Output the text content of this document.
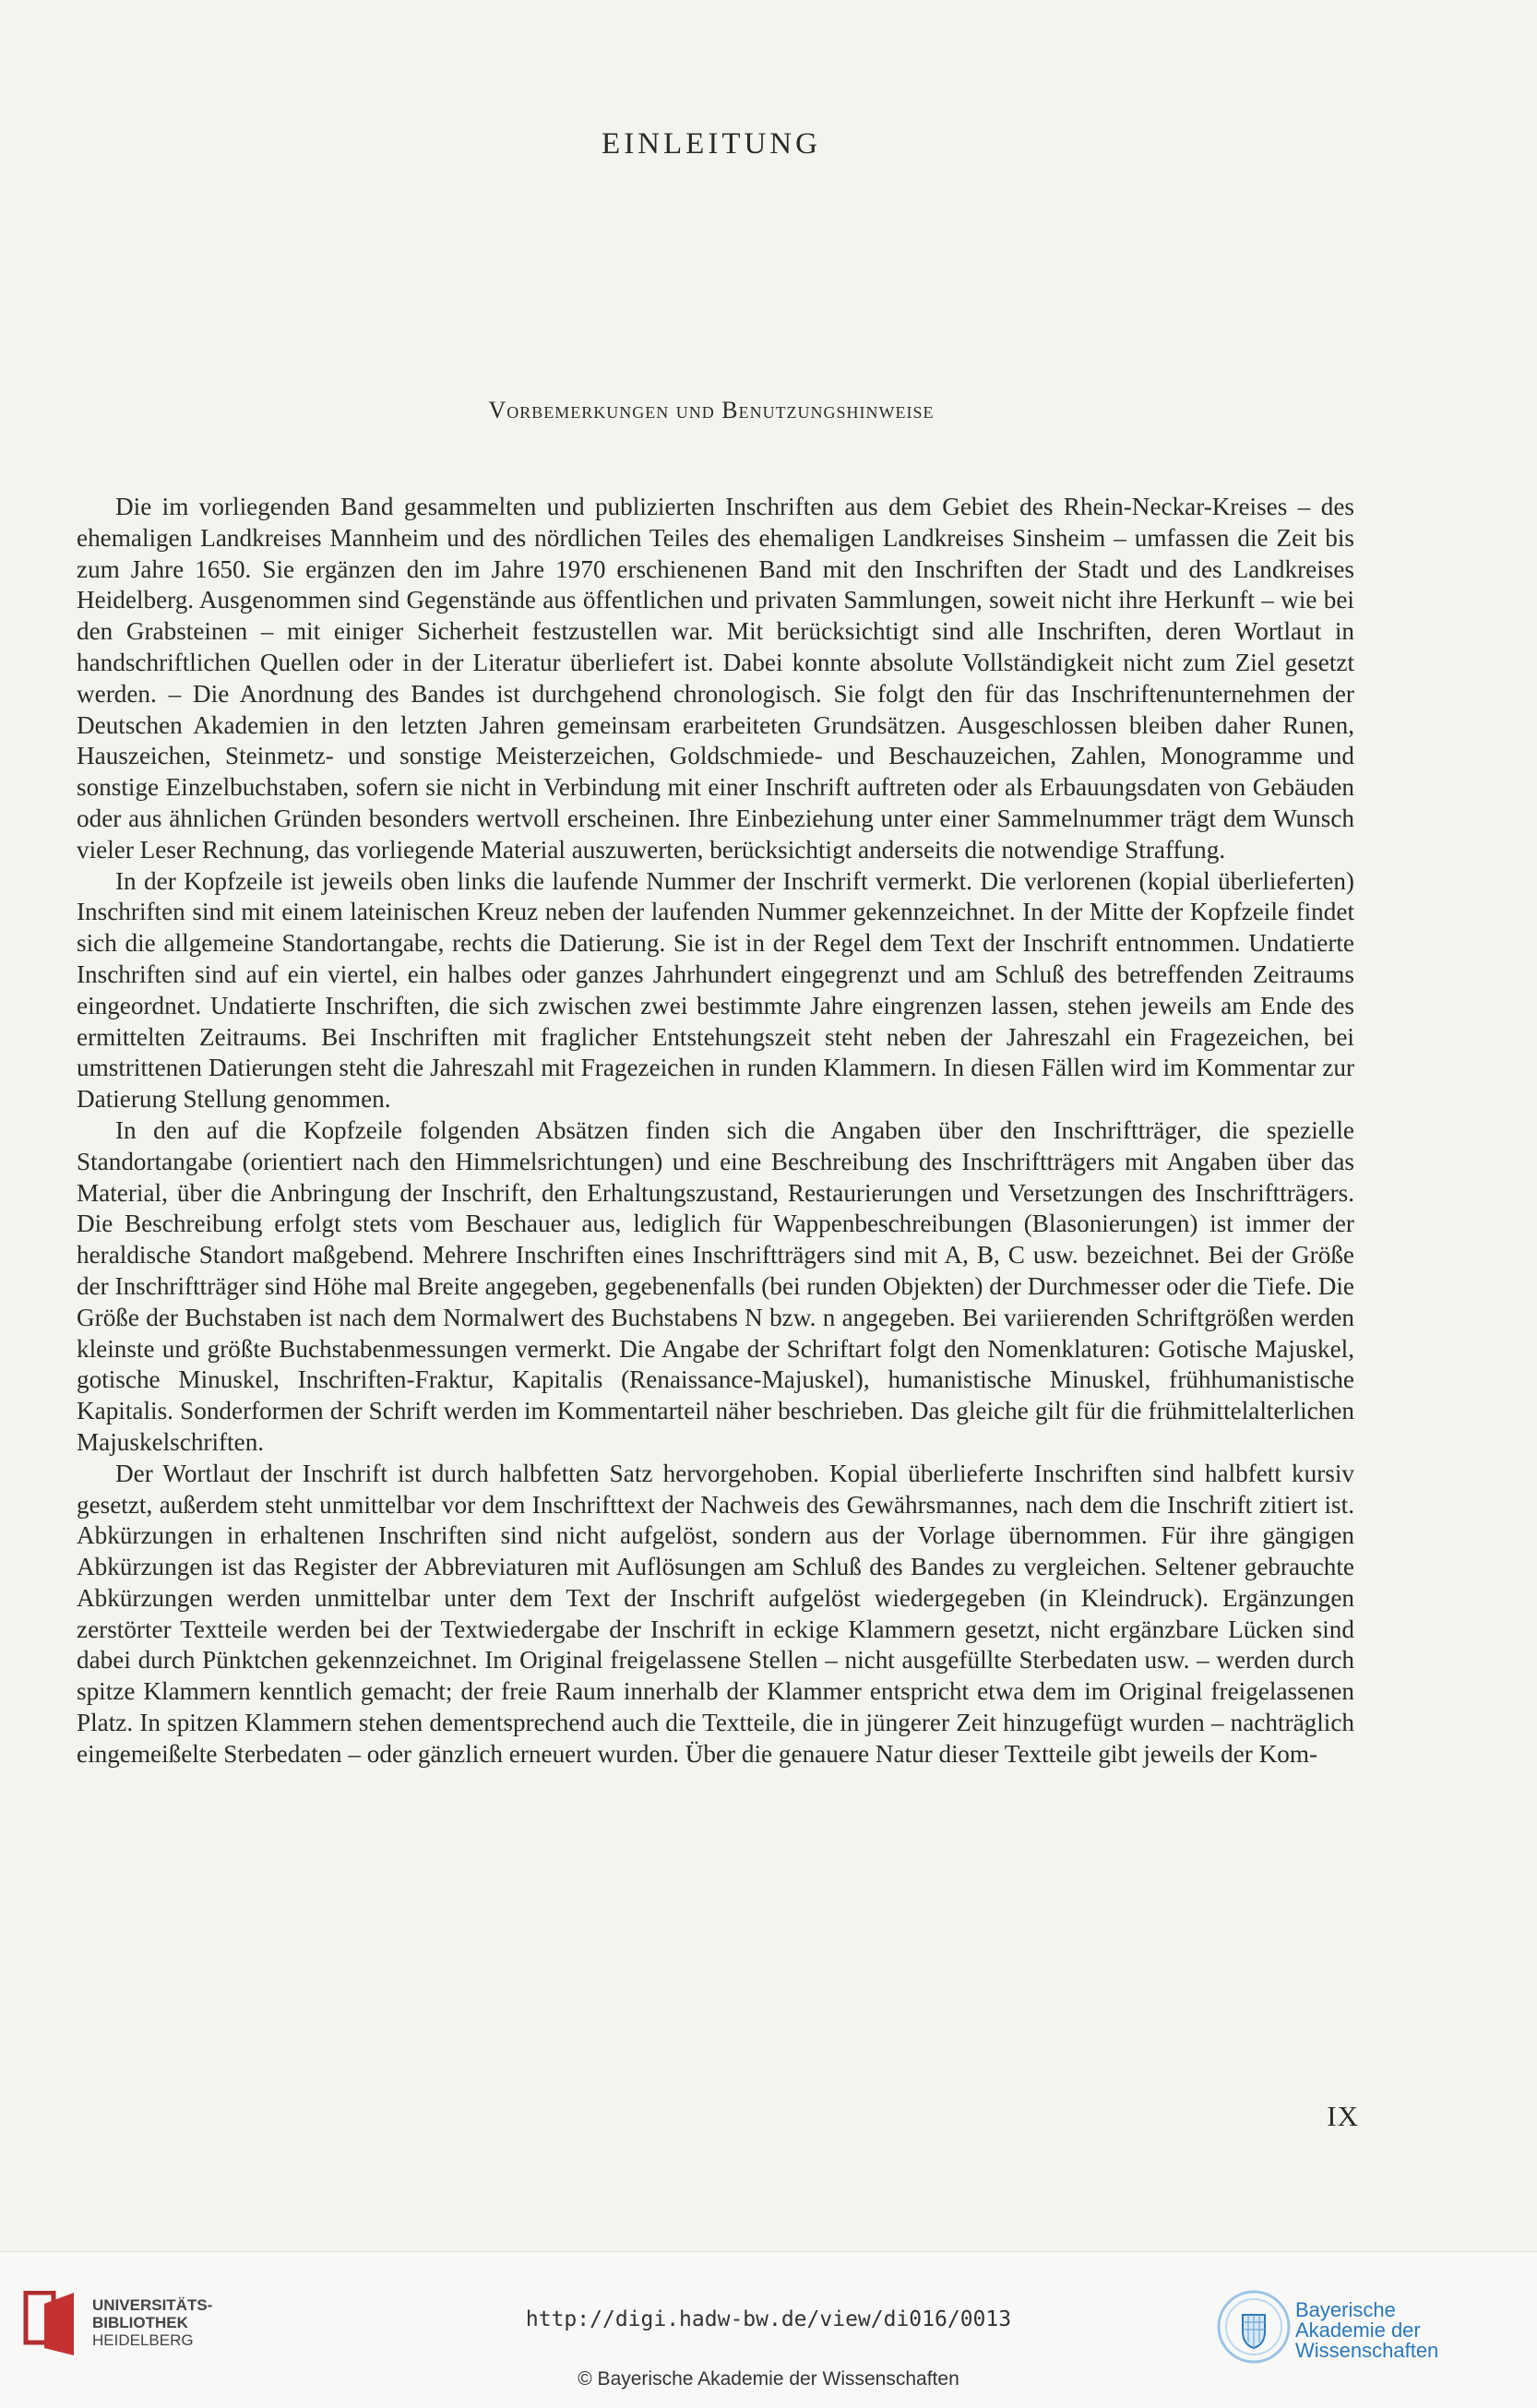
EINLEITUNG
Vorbemerkungen und Benutzungshinweise

Die im vorliegenden Band gesammelten und publizierten Inschriften aus dem Gebiet des Rhein-Neckar-Kreises – des ehemaligen Landkreises Mannheim und des nördlichen Teiles des ehemaligen Landkreises Sinsheim – umfassen die Zeit bis zum Jahre 1650. Sie ergänzen den im Jahre 1970 erschienenen Band mit den Inschriften der Stadt und des Landkreises Heidelberg. Ausgenommen sind Gegenstände aus öffentlichen und privaten Sammlungen, soweit nicht ihre Herkunft – wie bei den Grabsteinen – mit einiger Sicherheit festzustellen war. Mit berücksichtigt sind alle Inschriften, deren Wortlaut in handschriftlichen Quellen oder in der Literatur überliefert ist. Dabei konnte absolute Vollständigkeit nicht zum Ziel gesetzt werden. – Die Anordnung des Bandes ist durchgehend chronologisch. Sie folgt den für das Inschriftenunternehmen der Deutschen Akademien in den letzten Jahren gemeinsam erarbeiteten Grundsätzen. Ausgeschlossen bleiben daher Runen, Hauszeichen, Steinmetz- und sonstige Meisterzeichen, Goldschmiede- und Beschauzeichen, Zahlen, Monogramme und sonstige Einzelbuchstaben, sofern sie nicht in Verbindung mit einer Inschrift auftreten oder als Erbauungsdaten von Gebäuden oder aus ähnlichen Gründen besonders wertvoll erscheinen. Ihre Einbeziehung unter einer Sammelnummer trägt dem Wunsch vieler Leser Rechnung, das vorliegende Material auszuwerten, berücksichtigt anderseits die notwendige Straffung.

In der Kopfzeile ist jeweils oben links die laufende Nummer der Inschrift vermerkt. Die verlorenen (kopial überlieferten) Inschriften sind mit einem lateinischen Kreuz neben der laufenden Nummer gekennzeichnet. In der Mitte der Kopfzeile findet sich die allgemeine Standortangabe, rechts die Datierung. Sie ist in der Regel dem Text der Inschrift entnommen. Undatierte Inschriften sind auf ein viertel, ein halbes oder ganzes Jahrhundert eingegrenzt und am Schluß des betreffenden Zeitraums eingeordnet. Undatierte Inschriften, die sich zwischen zwei bestimmte Jahre eingrenzen lassen, stehen jeweils am Ende des ermittelten Zeitraums. Bei Inschriften mit fraglicher Entstehungszeit steht neben der Jahreszahl ein Fragezeichen, bei umstrittenen Datierungen steht die Jahreszahl mit Fragezeichen in runden Klammern. In diesen Fällen wird im Kommentar zur Datierung Stellung genommen.

In den auf die Kopfzeile folgenden Absätzen finden sich die Angaben über den Inschriftträger, die spezielle Standortangabe (orientiert nach den Himmelsrichtungen) und eine Beschreibung des Inschriftträgers mit Angaben über das Material, über die Anbringung der Inschrift, den Erhaltungszustand, Restaurierungen und Versetzungen des Inschriftträgers. Die Beschreibung erfolgt stets vom Beschauer aus, lediglich für Wappenbeschreibungen (Blasonierungen) ist immer der heraldische Standort maßgebend. Mehrere Inschriften eines Inschriftträgers sind mit A, B, C usw. bezeichnet. Bei der Größe der Inschriftträger sind Höhe mal Breite angegeben, gegebenenfalls (bei runden Objekten) der Durchmesser oder die Tiefe. Die Größe der Buchstaben ist nach dem Normalwert des Buchstabens N bzw. n angegeben. Bei variierenden Schriftgrößen werden kleinste und größte Buchstabenmessungen vermerkt. Die Angabe der Schriftart folgt den Nomenklaturen: Gotische Majuskel, gotische Minuskel, Inschriften-Fraktur, Kapitalis (Renaissance-Majuskel), humanistische Minuskel, frühhumanistische Kapitalis. Sonderformen der Schrift werden im Kommentarteil näher beschrieben. Das gleiche gilt für die frühmittelalterlichen Majuskelschriften.

Der Wortlaut der Inschrift ist durch halbfetten Satz hervorgehoben. Kopial überlieferte Inschriften sind halbfett kursiv gesetzt, außerdem steht unmittelbar vor dem Inschrifttext der Nachweis des Gewährsmannes, nach dem die Inschrift zitiert ist. Abkürzungen in erhaltenen Inschriften sind nicht aufgelöst, sondern aus der Vorlage übernommen. Für ihre gängigen Abkürzungen ist das Register der Abbreviaturen mit Auflösungen am Schluß des Bandes zu vergleichen. Seltener gebrauchte Abkürzungen werden unmittelbar unter dem Text der Inschrift aufgelöst wiedergegeben (in Kleindruck). Ergänzungen zerstörter Textteile werden bei der Textwiedergabe der Inschrift in eckige Klammern gesetzt, nicht ergänzbare Lücken sind dabei durch Pünktchen gekennzeichnet. Im Original freigelassene Stellen – nicht ausgefüllte Sterbedaten usw. – werden durch spitze Klammern kenntlich gemacht; der freie Raum innerhalb der Klammer entspricht etwa dem im Original freigelassenen Platz. In spitzen Klammern stehen dementsprechend auch die Textteile, die in jüngerer Zeit hinzugefügt wurden – nachträglich eingemeißelte Sterbedaten – oder gänzlich erneuert wurden. Über die genauere Natur dieser Textteile gibt jeweils der Kom-

IX
UNIVERSITÄTS-
BIBLIOTHEK
HEIDELBERG
http://digi.hadw-bw.de/view/di016/0013
© Bayerische Akademie der Wissenschaften
Bayerische
Akademie der Wissenschaften
